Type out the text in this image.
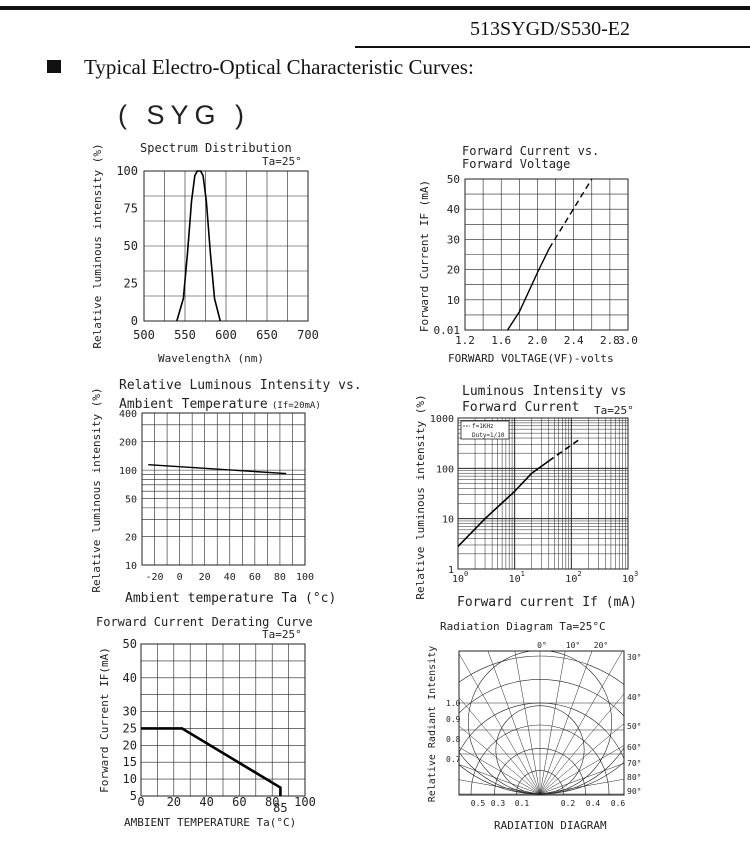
513SYGD/S530-E2
Typical Electro-Optical Characteristic Curves:
( SYG )
Spectrum Distribution
Ta=25°
500 550 600 650 700
0
25
50
75
100
Wavelengthλ (nm)
Relative luminous intensity (%)	Forward Current vs.
Forward Voltage
1.2 1.6 2.0 2.4 2.8
3.0
0.01
10
20
30
40
50
FORWARD VOLTAGE(VF)-volts
Forward Current IF (mA)
Relative Luminous Intensity vs.
Ambient Temperature (If=20mA)
-20 0 20 40 60 80 100
10
20
50
100
200
400
Ambient temperature Ta (°c)
Relative luminous intensity (%)	Luminous Intensity vs
Forward Current Ta=25°
f=1KHz
Duty=1/10
10 0	10 1	10 2	10 3
1
10
100
1000
Forward current If (mA)
Relative luminous intensity (%)
Forward Current Derating Curve
Ta=25°
0 20 40 60 80 100
85
5
10
15
20
25
30
40
50
AMBIENT TEMPERATURE Ta(°C)
Forward Current IF(mA)
Radiation Diagram Ta=25°C
0° 10° 20°
30°
40°
50°
60°
70°
80°
90°
1.0
0.9
0.8
0.7
0.5 0.3 0.1	0.2 0.4 0.6
RADIATION DIAGRAM
Relative Radiant Intensity
